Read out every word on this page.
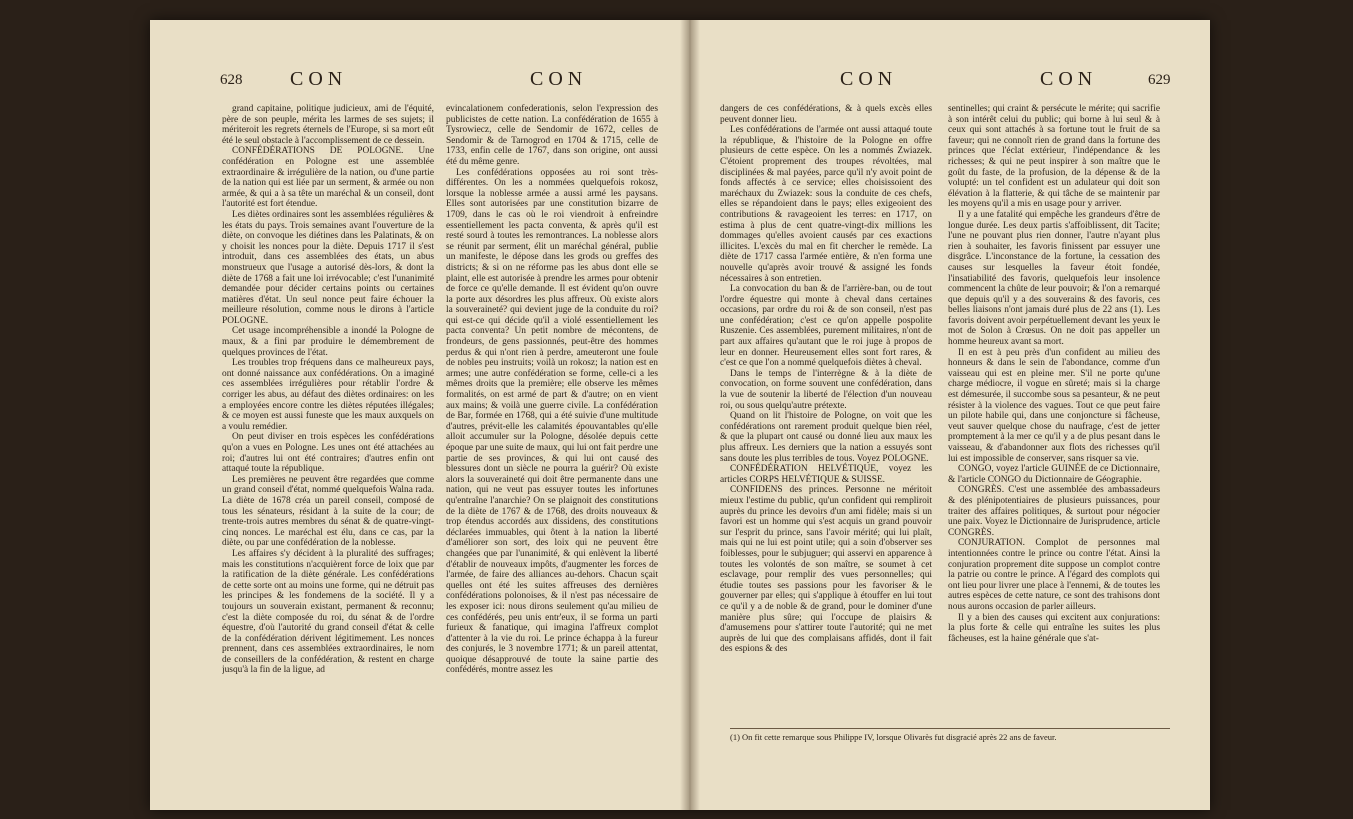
628 CON	CON

grand capitaine, politique judicieux, ami de l'équité, père de son peuple, mérita les larmes de ses sujets; il mériteroit les regrets éternels de l'Europe, si sa mort eût été le seul obstacle à l'accomplissement de ce dessein.

CONFÉDÉRATIONS DE POLOGNE. Une confédération en Pologne est une assemblée extraordinaire & irrégulière de la nation, ou d'une partie de la nation qui est liée par un serment, & armée ou non armée, & qui a à sa tête un maréchal & un conseil, dont l'autorité est fort étendue.

Les diètes ordinaires sont les assemblées régulières & les états du pays. Trois semaines avant l'ouverture de la diète, on convoque les diétines dans les Palatinats, & on y choisit les nonces pour la diète. Depuis 1717 il s'est introduit, dans ces assemblées des états, un abus monstrueux que l'usage a autorisé dès-lors, & dont la diète de 1768 a fait une loi irrévocable; c'est l'unanimité demandée pour décider certains points ou certaines matières d'état. Un seul nonce peut faire échouer la meilleure résolution, comme nous le dirons à l'article POLOGNE.

Cet usage incompréhensible a inondé la Pologne de maux, & a fini par produire le démembrement de quelques provinces de l'état.

Les troubles trop fréquens dans ce malheureux pays, ont donné naissance aux confédérations. On a imaginé ces assemblées irrégulières pour rétablir l'ordre & corriger les abus, au défaut des diètes ordinaires: on les a employées encore contre les diètes réputées illégales; & ce moyen est aussi funeste que les maux auxquels on a voulu remédier.

On peut diviser en trois espèces les confédérations qu'on a vues en Pologne. Les unes ont été attachées au roi; d'autres lui ont été contraires; d'autres enfin ont attaqué toute la république.

Les premières ne peuvent être regardées que comme un grand conseil d'état, nommé quelquefois Walna rada. La diète de 1678 créa un pareil conseil, composé de tous les sénateurs, résidant à la suite de la cour; de trente-trois autres membres du sénat & de quatre-vingt-cinq nonces. Le maréchal est élu, dans ce cas, par la diète, ou par une confédération de la noblesse.

Les affaires s'y décident à la pluralité des suffrages; mais les constitutions n'acquièrent force de loix que par la ratification de la diète générale. Les confédérations de cette sorte ont au moins une forme, qui ne détruit pas les principes & les fondemens de la société. Il y a toujours un souverain existant, permanent & reconnu; c'est la diète composée du roi, du sénat & de l'ordre équestre, d'où l'autorité du grand conseil d'état & celle de la confédération dérivent légitimement. Les nonces prennent, dans ces assemblées extraordinaires, le nom de conseillers de la confédération, & restent en charge jusqu'à la fin de la ligue, ad

evincalationem confederationis, selon l'expression des publicistes de cette nation. La confédération de 1655 à Tysrowiecz, celle de Sendomir de 1672, celles de Sendomir & de Tarnogrod en 1704 & 1715, celle de 1733, enfin celle de 1767, dans son origine, ont aussi été du même genre.

Les confédérations opposées au roi sont très-différentes. On les a nommées quelquefois rokosz, lorsque la noblesse armée a aussi armé les paysans. Elles sont autorisées par une constitution bizarre de 1709, dans le cas où le roi viendroit à enfreindre essentiellement les pacta conventa, & après qu'il est resté sourd à toutes les remontrances. La noblesse alors se réunit par serment, élit un maréchal général, publie un manifeste, le dépose dans les grods ou greffes des districts; & si on ne réforme pas les abus dont elle se plaint, elle est autorisée à prendre les armes pour obtenir de force ce qu'elle demande. Il est évident qu'on ouvre la porte aux désordres les plus affreux. Où existe alors la souveraineté? qui devient juge de la conduite du roi? qui est-ce qui décide qu'il a violé essentiellement les pacta conventa? Un petit nombre de mécontens, de frondeurs, de gens passionnés, peut-être des hommes perdus & qui n'ont rien à perdre, ameuteront une foule de nobles peu instruits; voilà un rokosz; la nation est en armes; une autre confédération se forme, celle-ci a les mêmes droits que la première; elle observe les mêmes formalités, on est armé de part & d'autre; on en vient aux mains; & voilà une guerre civile. La confédération de Bar, formée en 1768, qui a été suivie d'une multitude d'autres, prévit-elle les calamités épouvantables qu'elle alloit accumuler sur la Pologne, désolée depuis cette époque par une suite de maux, qui lui ont fait perdre une partie de ses provinces, & qui lui ont causé des blessures dont un siècle ne pourra la guérir? Où existe alors la souveraineté qui doit être permanente dans une nation, qui ne veut pas essuyer toutes les infortunes qu'entraîne l'anarchie? On se plaignoit des constitutions de la diète de 1767 & de 1768, des droits nouveaux & trop étendus accordés aux dissidens, des constitutions déclarées immuables, qui ôtent à la nation la liberté d'améliorer son sort, des loix qui ne peuvent être changées que par l'unanimité, & qui enlèvent la liberté d'établir de nouveaux impôts, d'augmenter les forces de l'armée, de faire des alliances au-dehors. Chacun sçait quelles ont été les suites affreuses des dernières confédérations polonoises, & il n'est pas nécessaire de les exposer ici: nous dirons seulement qu'au milieu de ces confédérés, peu unis entr'eux, il se forma un parti furieux & fanatique, qui imagina l'affreux complot d'attenter à la vie du roi. Le prince échappa à la fureur des conjurés, le 3 novembre 1771; & un pareil attentat, quoique désapprouvé de toute la saine partie des confédérés, montre assez les

CON	CON	629

dangers de ces confédérations, & à quels excès elles peuvent donner lieu.

Les confédérations de l'armée ont aussi attaqué toute la république, & l'histoire de la Pologne en offre plusieurs de cette espèce. On les a nommés Zwiazek. C'étoient proprement des troupes révoltées, mal disciplinées & mal payées, parce qu'il n'y avoit point de fonds affectés à ce service; elles choisissoient des maréchaux du Zwiazek: sous la conduite de ces chefs, elles se répandoient dans le pays; elles exigeoient des contributions & ravageoient les terres: en 1717, on estima à plus de cent quatre-vingt-dix millions les dommages qu'elles avoient causés par ces exactions illicites. L'excès du mal en fit chercher le remède. La diète de 1717 cassa l'armée entière, & n'en forma une nouvelle qu'après avoir trouvé & assigné les fonds nécessaires à son entretien.

La convocation du ban & de l'arrière-ban, ou de tout l'ordre équestre qui monte à cheval dans certaines occasions, par ordre du roi & de son conseil, n'est pas une confédération; c'est ce qu'on appelle pospolite Ruszenie. Ces assemblées, purement militaires, n'ont de part aux affaires qu'autant que le roi juge à propos de leur en donner. Heureusement elles sont fort rares, & c'est ce que l'on a nommé quelquefois diètes à cheval.

Dans le temps de l'interrègne & à la diète de convocation, on forme souvent une confédération, dans la vue de soutenir la liberté de l'élection d'un nouveau roi, ou sous quelqu'autre prétexte.

Quand on lit l'histoire de Pologne, on voit que les confédérations ont rarement produit quelque bien réel, & que la plupart ont causé ou donné lieu aux maux les plus affreux. Les derniers que la nation a essuyés sont sans doute les plus terribles de tous. Voyez POLOGNE.

CONFÉDÉRATION HELVÉTIQUE, voyez les articles CORPS HELVÉTIQUE & SUISSE.

CONFIDENS des princes. Personne ne méritoit mieux l'estime du public, qu'un confident qui rempliroit auprès du prince les devoirs d'un ami fidèle; mais si un favori est un homme qui s'est acquis un grand pouvoir sur l'esprit du prince, sans l'avoir mérité; qui lui plaît, mais qui ne lui est point utile; qui a soin d'observer ses foiblesses, pour le subjuguer; qui asservi en apparence à toutes les volontés de son maître, se soumet à cet esclavage, pour remplir des vues personnelles; qui étudie toutes ses passions pour les favoriser & le gouverner par elles; qui s'applique à étouffer en lui tout ce qu'il y a de noble & de grand, pour le dominer d'une manière plus sûre; qui l'occupe de plaisirs & d'amusemens pour s'attirer toute l'autorité; qui ne met auprès de lui que des complaisans affidés, dont il fait des espions & des

sentinelles; qui craint & persécute le mérite; qui sacrifie à son intérêt celui du public; qui borne à lui seul & à ceux qui sont attachés à sa fortune tout le fruit de sa faveur; qui ne connoît rien de grand dans la fortune des princes que l'éclat extérieur, l'indépendance & les richesses; & qui ne peut inspirer à son maître que le goût du faste, de la profusion, de la dépense & de la volupté: un tel confident est un adulateur qui doit son élévation à la flatterie, & qui tâche de se maintenir par les moyens qu'il a mis en usage pour y arriver.

Il y a une fatalité qui empêche les grandeurs d'être de longue durée. Les deux partis s'affoiblissent, dit Tacite; l'une ne pouvant plus rien donner, l'autre n'ayant plus rien à souhaiter, les favoris finissent par essuyer une disgrâce. L'inconstance de la fortune, la cessation des causes sur lesquelles la faveur étoit fondée, l'insatiabilité des favoris, quelquefois leur insolence commencent la chûte de leur pouvoir; & l'on a remarqué que depuis qu'il y a des souverains & des favoris, ces belles liaisons n'ont jamais duré plus de 22 ans (1). Les favoris doivent avoir perpétuellement devant les yeux le mot de Solon à Crœsus. On ne doit pas appeller un homme heureux avant sa mort.

Il en est à peu près d'un confident au milieu des honneurs & dans le sein de l'abondance, comme d'un vaisseau qui est en pleine mer. S'il ne porte qu'une charge médiocre, il vogue en sûreté; mais si la charge est démesurée, il succombe sous sa pesanteur, & ne peut résister à la violence des vagues. Tout ce que peut faire un pilote habile qui, dans une conjoncture si fâcheuse, veut sauver quelque chose du naufrage, c'est de jetter promptement à la mer ce qu'il y a de plus pesant dans le vaisseau, & d'abandonner aux flots des richesses qu'il lui est impossible de conserver, sans risquer sa vie.

CONGO, voyez l'article GUINÉE de ce Dictionnaire, & l'article CONGO du Dictionnaire de Géographie.

CONGRÈS. C'est une assemblée des ambassadeurs & des plénipotentiaires de plusieurs puissances, pour traiter des affaires politiques, & surtout pour négocier une paix. Voyez le Dictionnaire de Jurisprudence, article CONGRÈS.

CONJURATION. Complot de personnes mal intentionnées contre le prince ou contre l'état. Ainsi la conjuration proprement dite suppose un complot contre la patrie ou contre le prince. A l'égard des complots qui ont lieu pour livrer une place à l'ennemi, & de toutes les autres espèces de cette nature, ce sont des trahisons dont nous aurons occasion de parler ailleurs.

Il y a bien des causes qui excitent aux conjurations: la plus forte & celle qui entraîne les suites les plus fâcheuses, est la haine générale que s'at-

(1) On fit cette remarque sous Philippe IV, lorsque Olivarès fut disgracié après 22 ans de faveur.
